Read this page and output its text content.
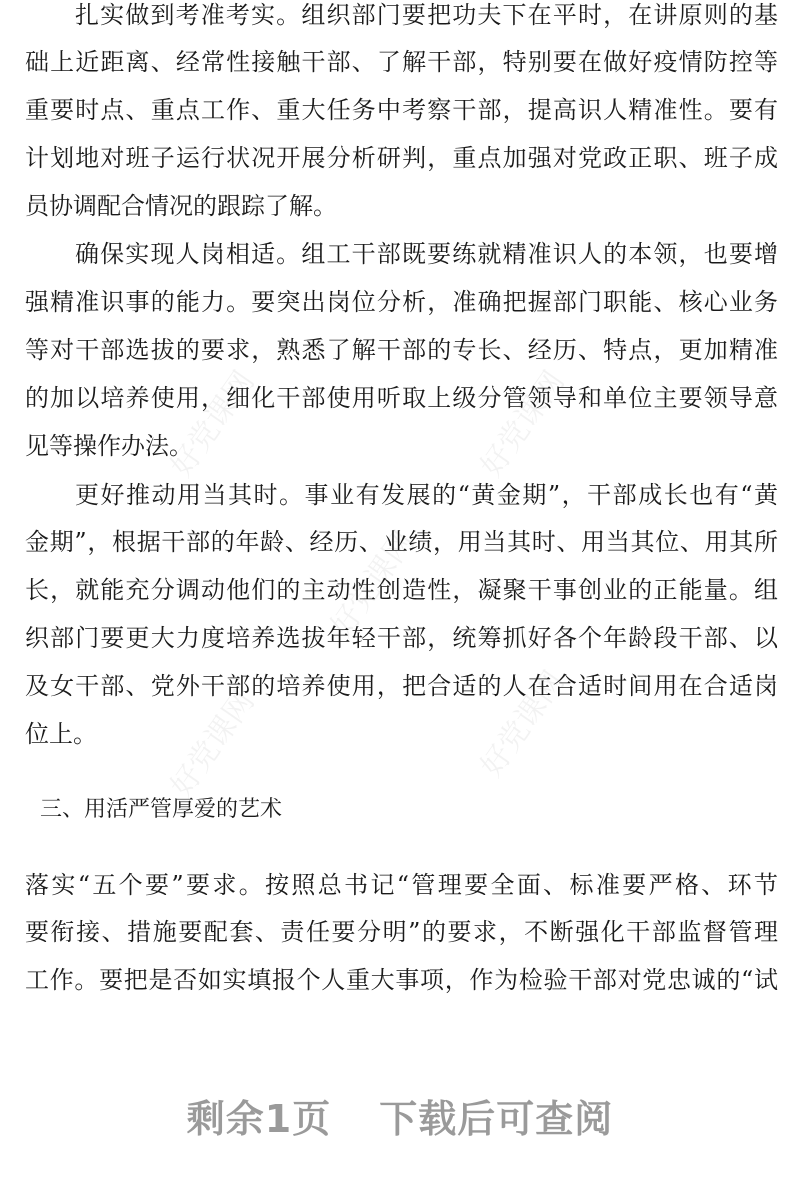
好党课网	好党课网
好党课网
好党课网	好党课网
扎实做到考准考实。组织部门要把功夫下在平时，在讲原则的基
础上近距离、经常性接触干部、了解干部，特别要在做好疫情防控等
重要时点、重点工作、重大任务中考察干部，提高识人精准性。要有
计划地对班子运行状况开展分析研判，重点加强对党政正职、班子成
员协调配合情况的跟踪了解。
确保实现人岗相适。组工干部既要练就精准识人的本领，也要增
强精准识事的能力。要突出岗位分析，准确把握部门职能、核心业务
等对干部选拔的要求，熟悉了解干部的专长、经历、特点，更加精准
的加以培养使用，细化干部使用听取上级分管领导和单位主要领导意
见等操作办法。
更好推动用当其时。事业有发展的“黄金期”，干部成长也有“黄
金期”，根据干部的年龄、经历、业绩，用当其时、用当其位、用其所
长，就能充分调动他们的主动性创造性，凝聚干事创业的正能量。组
织部门要更大力度培养选拔年轻干部，统筹抓好各个年龄段干部、以
及女干部、党外干部的培养使用，把合适的人在合适时间用在合适岗
位上。
三、用活严管厚爱的艺术
落实“五个要”要求。按照总书记“管理要全面、标准要严格、环节
要衔接、措施要配套、责任要分明”的要求，不断强化干部监督管理
工作。要把是否如实填报个人重大事项，作为检验干部对党忠诚的“试
剩余1页 下载后可查阅
